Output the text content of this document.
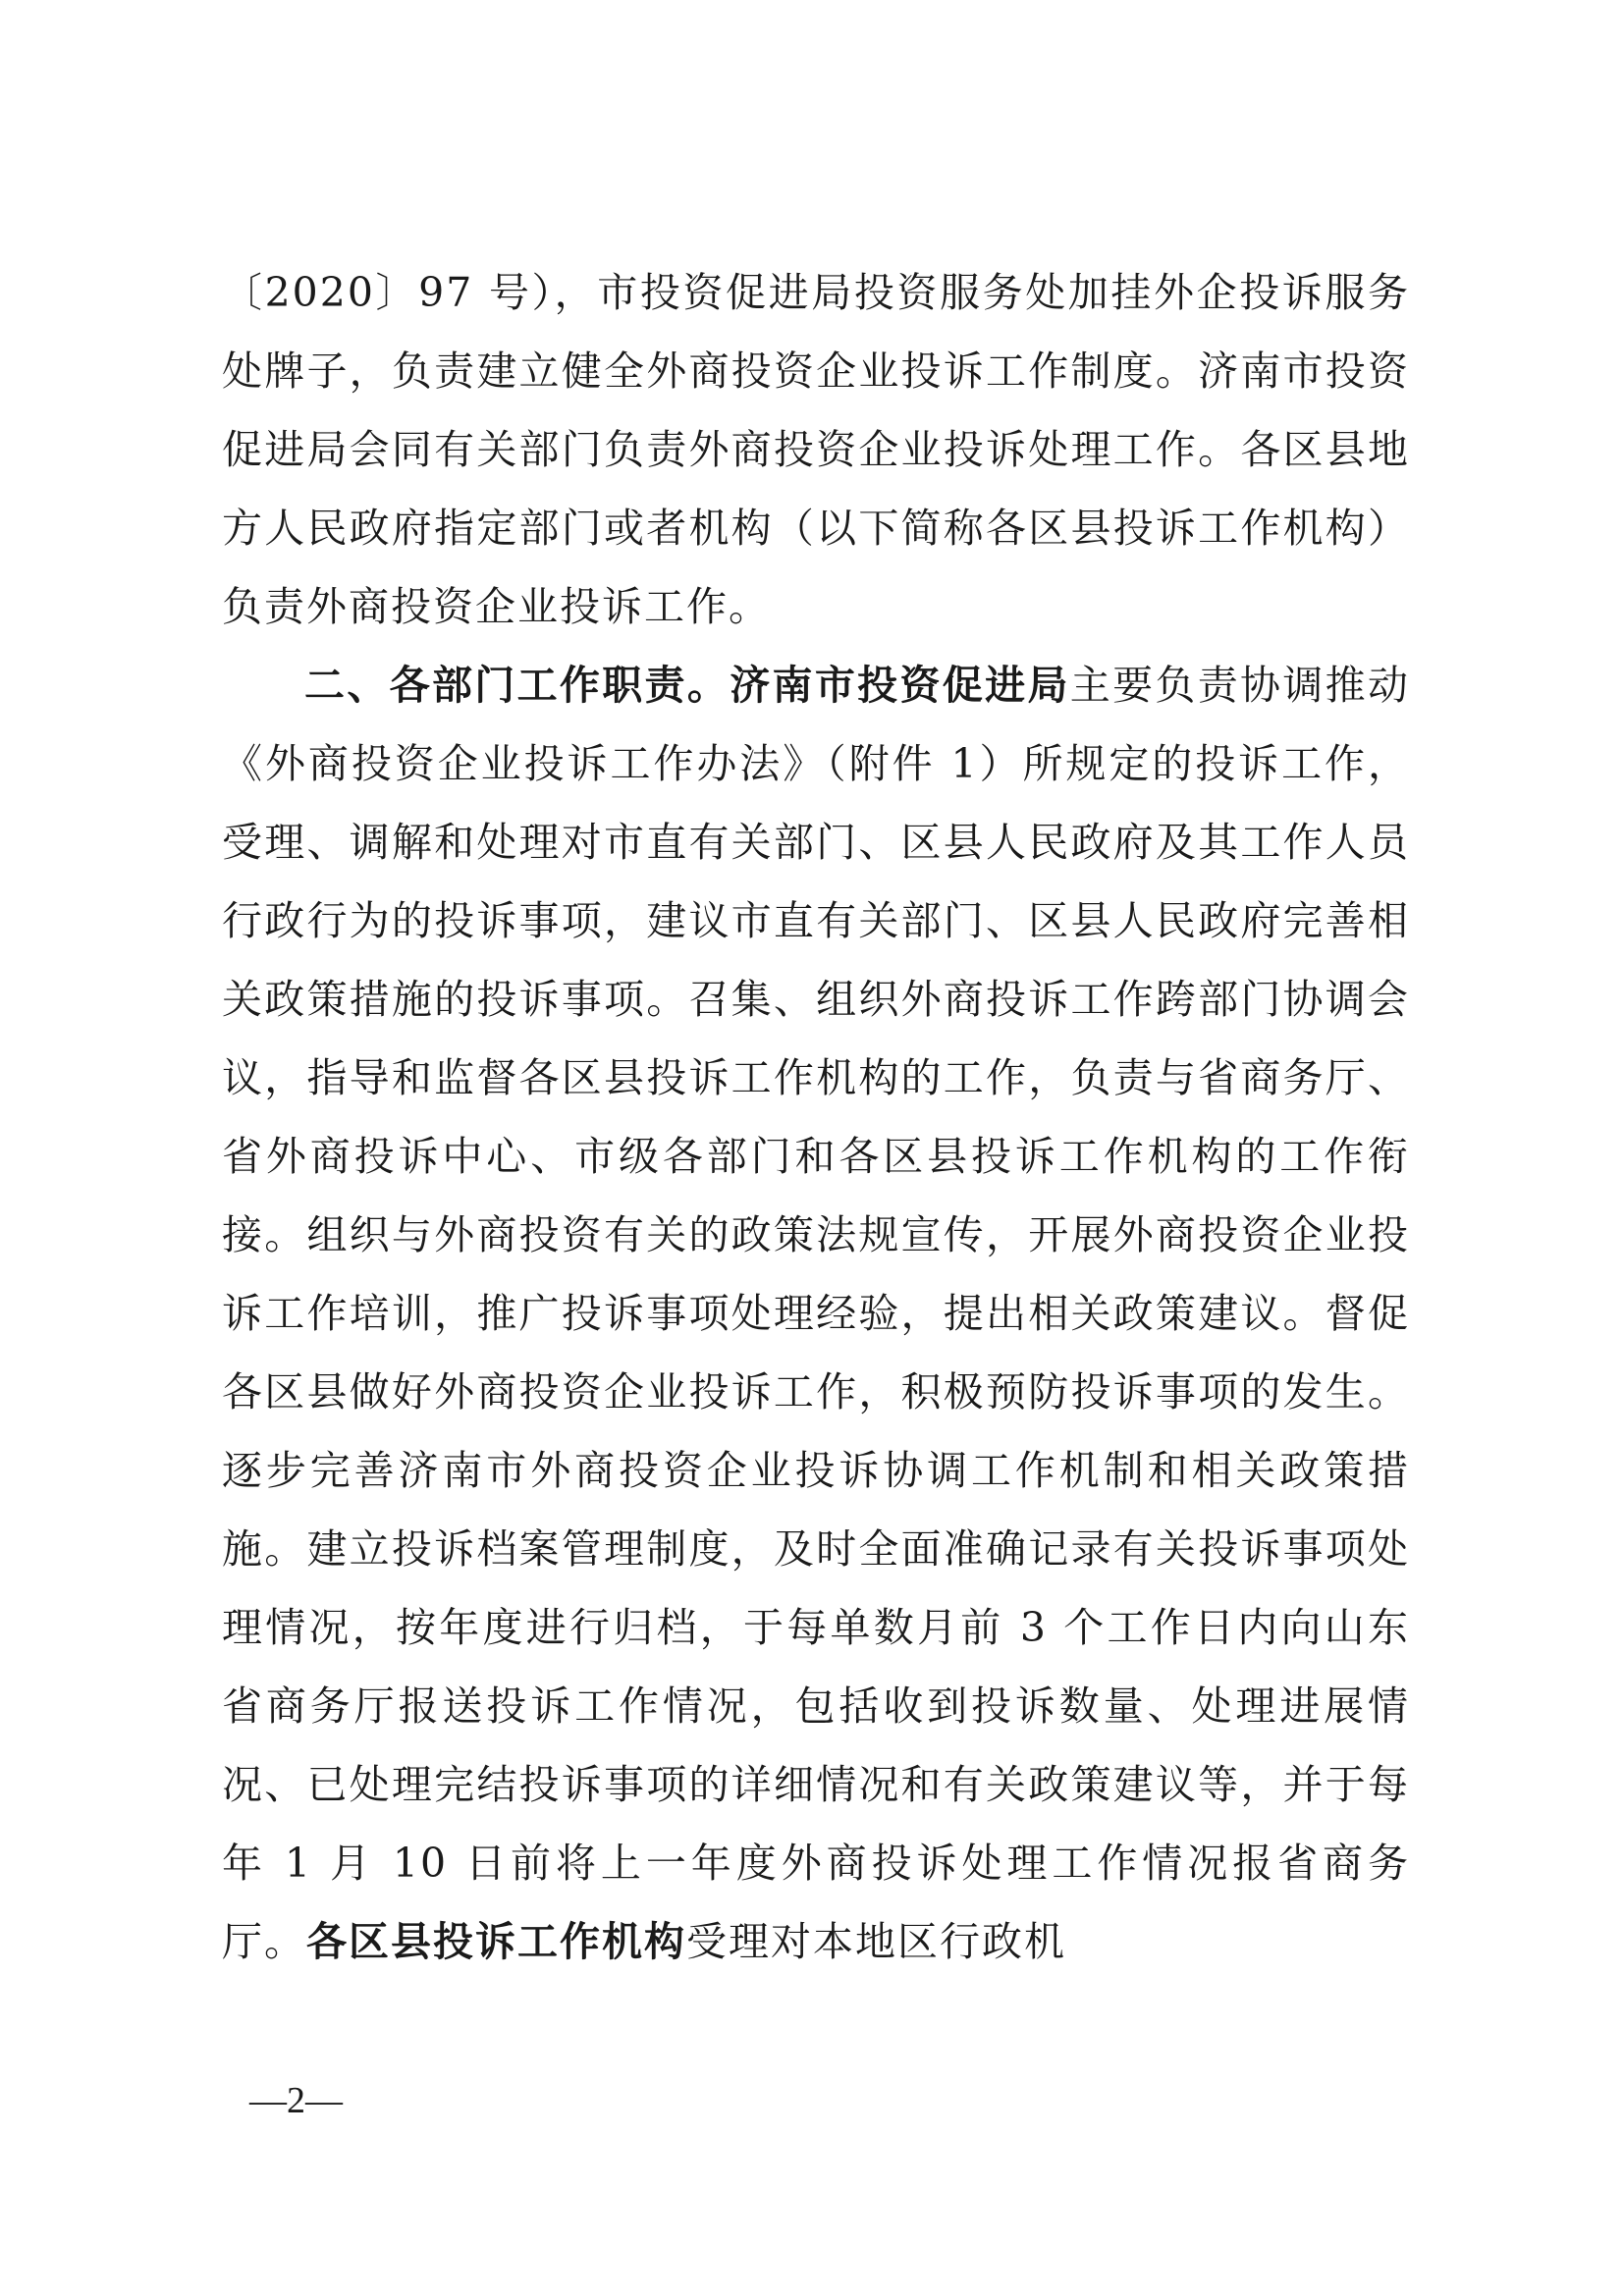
〔2020〕97 号），市投资促进局投资服务处加挂外企投诉服务处牌子，负责建立健全外商投资企业投诉工作制度。济南市投资促进局会同有关部门负责外商投资企业投诉处理工作。各区县地方人民政府指定部门或者机构（以下简称各区县投诉工作机构）负责外商投资企业投诉工作。

二、各部门工作职责。济南市投资促进局主要负责协调推动《外商投资企业投诉工作办法》（附件 1）所规定的投诉工作，受理、调解和处理对市直有关部门、区县人民政府及其工作人员行政行为的投诉事项，建议市直有关部门、区县人民政府完善相关政策措施的投诉事项。召集、组织外商投诉工作跨部门协调会议，指导和监督各区县投诉工作机构的工作，负责与省商务厅、省外商投诉中心、市级各部门和各区县投诉工作机构的工作衔接。组织与外商投资有关的政策法规宣传，开展外商投资企业投诉工作培训，推广投诉事项处理经验，提出相关政策建议。督促各区县做好外商投资企业投诉工作，积极预防投诉事项的发生。逐步完善济南市外商投资企业投诉协调工作机制和相关政策措施。建立投诉档案管理制度，及时全面准确记录有关投诉事项处理情况，按年度进行归档，于每单数月前 3 个工作日内向山东省商务厅报送投诉工作情况，包括收到投诉数量、处理进展情况、已处理完结投诉事项的详细情况和有关政策建议等，并于每年 1 月 10 日前将上一年度外商投诉处理工作情况报省商务厅。各区县投诉工作机构受理对本地区行政机

—2—
